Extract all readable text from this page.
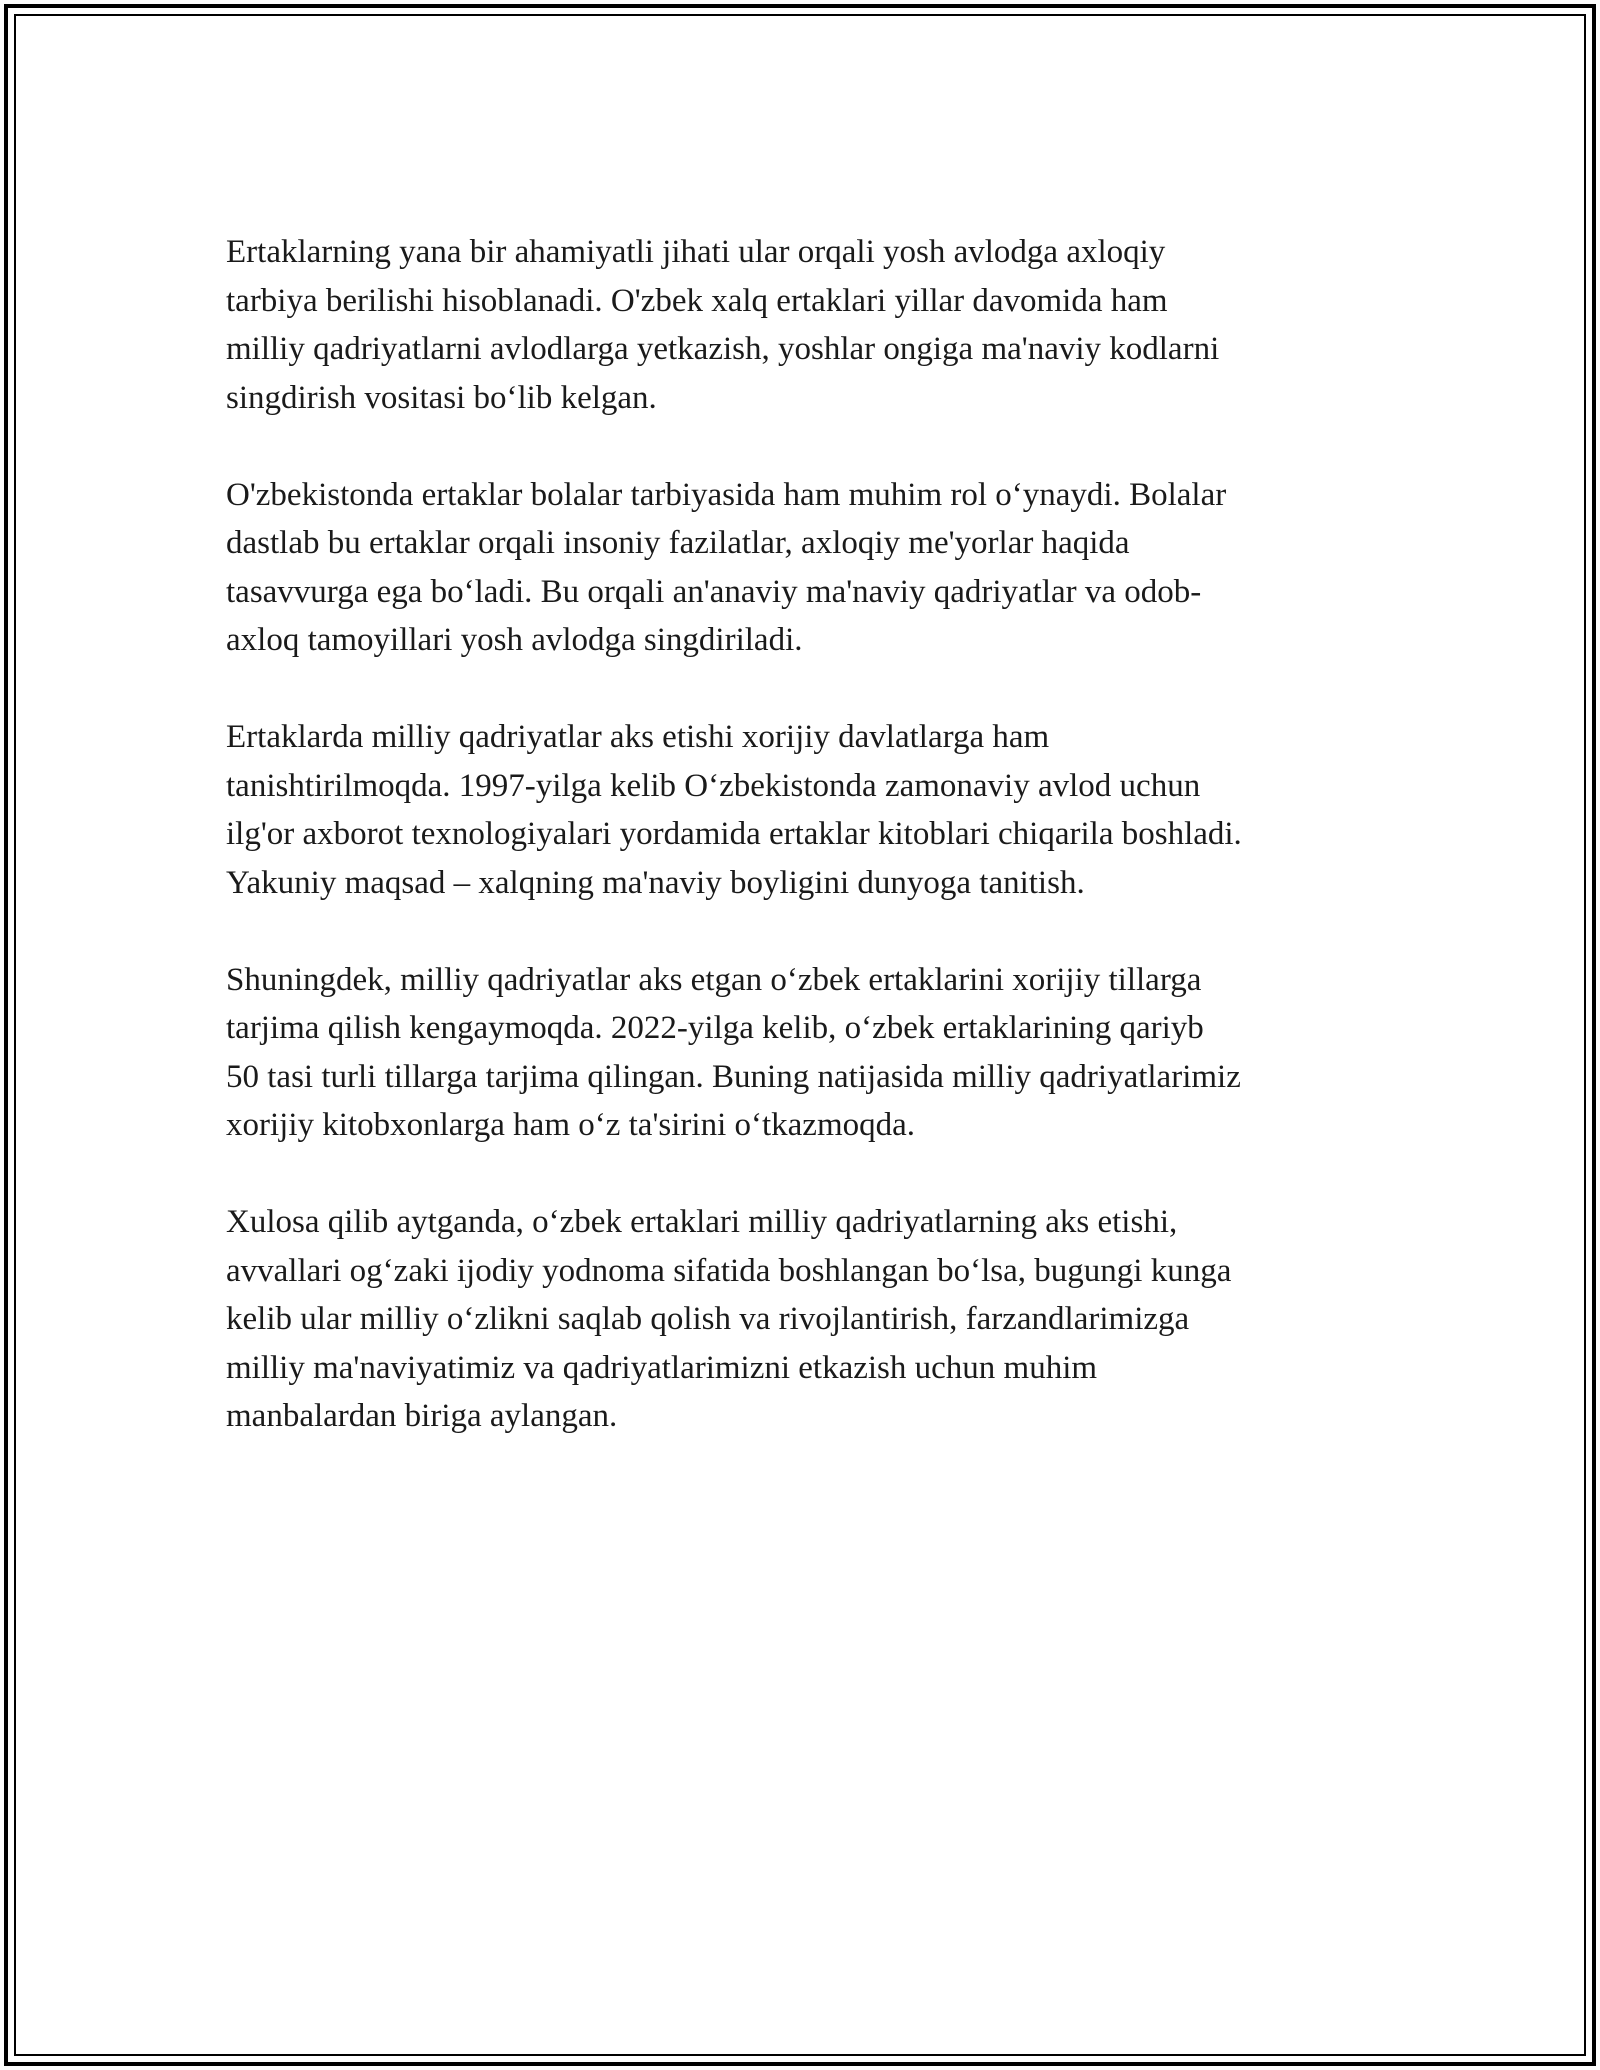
Ertaklarning yana bir ahamiyatli jihati ular orqali yosh avlodga axloqiy
tarbiya berilishi hisoblanadi. O'zbek xalq ertaklari yillar davomida ham
milliy qadriyatlarni avlodlarga yetkazish, yoshlar ongiga ma'naviy kodlarni
singdirish vositasi boʻlib kelgan.

O'zbekistonda ertaklar bolalar tarbiyasida ham muhim rol oʻynaydi. Bolalar
dastlab bu ertaklar orqali insoniy fazilatlar, axloqiy me'yorlar haqida
tasavvurga ega boʻladi. Bu orqali an'anaviy ma'naviy qadriyatlar va odob-
axloq tamoyillari yosh avlodga singdiriladi.

Ertaklarda milliy qadriyatlar aks etishi xorijiy davlatlarga ham
tanishtirilmoqda. 1997-yilga kelib Oʻzbekistonda zamonaviy avlod uchun
ilg'or axborot texnologiyalari yordamida ertaklar kitoblari chiqarila boshladi.
Yakuniy maqsad – xalqning ma'naviy boyligini dunyoga tanitish.

Shuningdek, milliy qadriyatlar aks etgan oʻzbek ertaklarini xorijiy tillarga
tarjima qilish kengaymoqda. 2022-yilga kelib, oʻzbek ertaklarining qariyb
50 tasi turli tillarga tarjima qilingan. Buning natijasida milliy qadriyatlarimiz
xorijiy kitobxonlarga ham oʻz ta'sirini oʻtkazmoqda.

Xulosa qilib aytganda, oʻzbek ertaklari milliy qadriyatlarning aks etishi,
avvallari ogʻzaki ijodiy yodnoma sifatida boshlangan boʻlsa, bugungi kunga
kelib ular milliy oʻzlikni saqlab qolish va rivojlantirish, farzandlarimizga
milliy ma'naviyatimiz va qadriyatlarimizni etkazish uchun muhim
manbalardan biriga aylangan.
